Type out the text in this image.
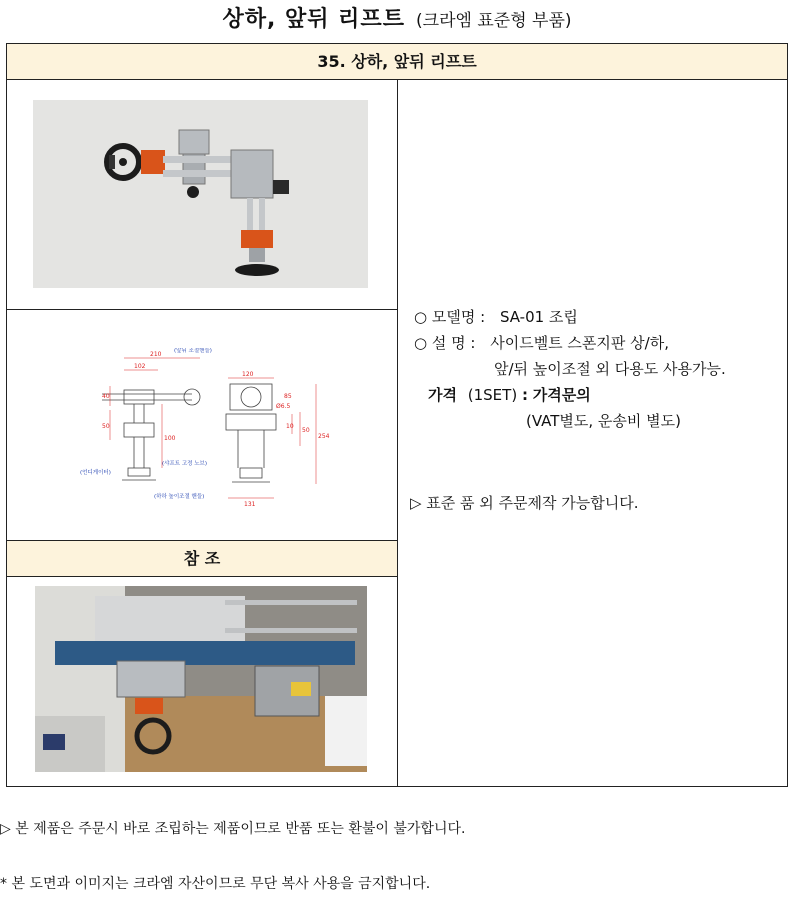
상하, 앞뒤 리프트 (크라엠 표준형 부품)
35. 상하, 앞뒤 리프트
210
102
40
50
100
120
85
Ø6.5
10
50
254
131
(앞뒤 조절핸들)
(샤프트 고정 노브)
(언디게이터)
(하하 높이조절 핸들)
참 조
○ 모델명 : SA-01 조립
○ 설 명 : 사이드벨트 스폰지판 상/하,
앞/뒤 높이조절 외 다용도 사용가능.
가격 (1SET) : 가격문의
(VAT별도, 운송비 별도)
▷ 표준 품 외 주문제작 가능합니다.
▷ 본 제품은 주문시 바로 조립하는 제품이므로 반품 또는 환불이 불가합니다.
* 본 도면과 이미지는 크라엠 자산이므로 무단 복사 사용을 금지합니다.
